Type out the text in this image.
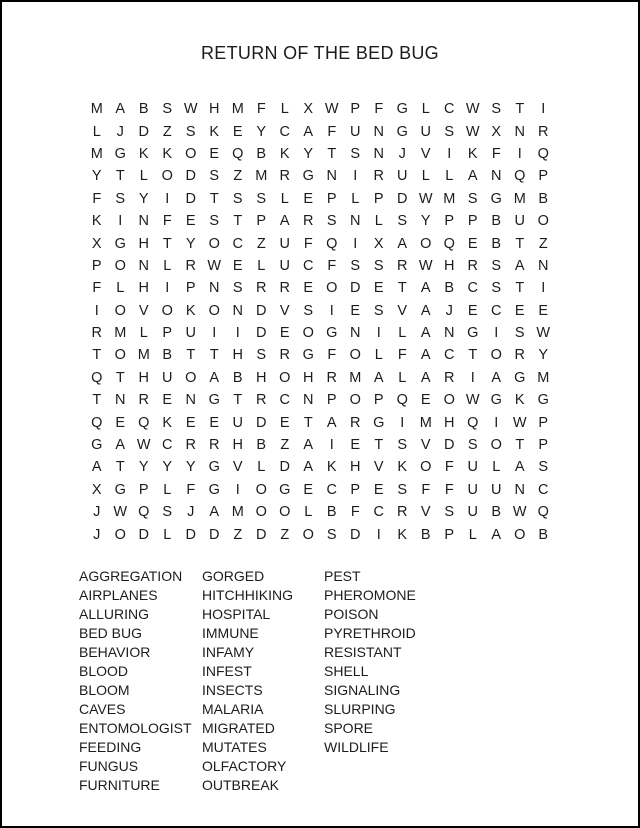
RETURN OF THE BED BUG
M A B S W H M F	L	X W P F G L C W S T	I
L	J	D Z S K E Y C A F U N G U S W X N R
M G K K O E Q B K Y T S N	J	V	I	K F	I	Q
Y T	L O D S Z M R G N	I	R U L	L	A N Q P
F S Y	I	D T S S	L	E P	L	P D W M S G M B
K	I	N F E S T P A R S N L	S Y P P B U O
X G H T Y O C Z U F Q	I	X A O Q E B T	Z
P O N L R W E	L U C F S S R W H R S A N
F	L H	I	P N S R R E O D E T A B C S T	I
I	O V O K O N D V S	I	E S V A	J	E C E E
R M L	P U	I	I	D E O G N	I	L	A N G	I	S W
T O M B T	T H S R G F O L	F A C T O R Y
Q T H U O A B H O H R M A	L	A R	I	A G M
T N R E N G T R C N P O P Q E O W G K G
Q E Q K E E U D E T A R G	I	M H Q	I	W P
G A W C R R H B Z A	I	E T S V D S O T P
A T Y Y Y G V	L D A K H V K O F U L	A S
X G P	L	F G	I	O G E C P E S F	F U U N C
J W Q S	J	A M O O L	B F C R V S U B W Q
J O D L D D Z D Z O S D	I	K B P	L	A O B
AGGREGATION
AIRPLANES
ALLURING
BED BUG
BEHAVIOR
BLOOD
BLOOM
CAVES
ENTOMOLOGIST
FEEDING
FUNGUS
FURNITURE
GORGED
HITCHHIKING
HOSPITAL
IMMUNE
INFAMY
INFEST
INSECTS
MALARIA
MIGRATED
MUTATES
OLFACTORY
OUTBREAK
PEST
PHEROMONE
POISON
PYRETHROID
RESISTANT
SHELL
SIGNALING
SLURPING
SPORE
WILDLIFE
